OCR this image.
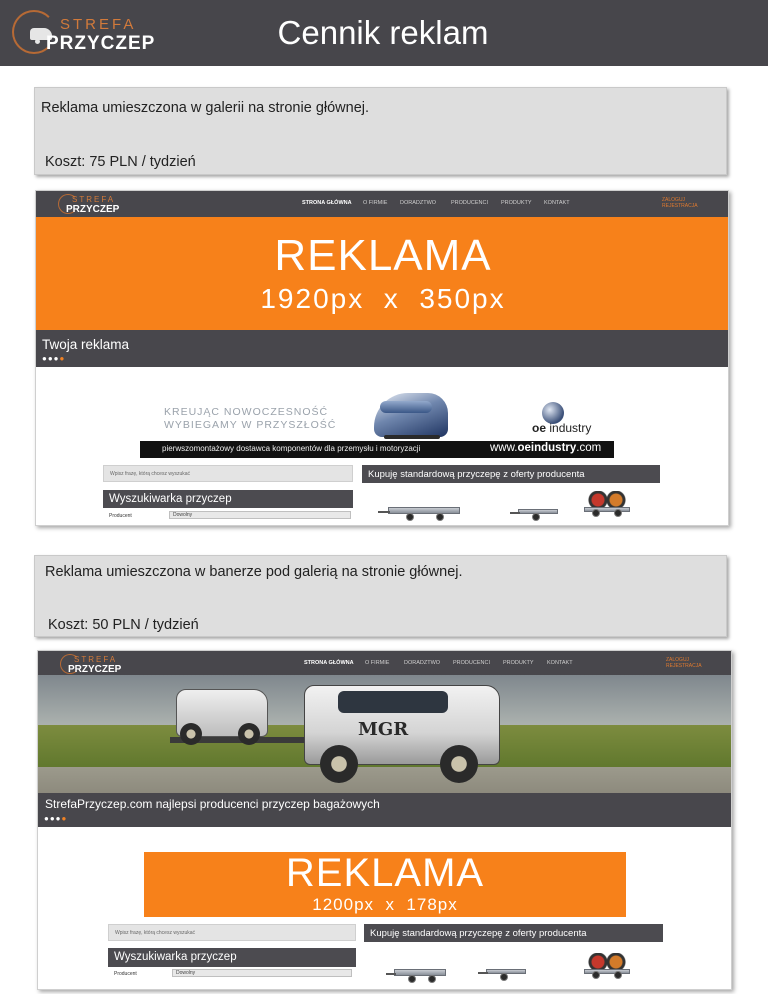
STREFA
PRZYCZEP	Cennik reklam
Reklama umieszczona w galerii na stronie głównej.
Koszt: 75 PLN / tydzień
STREFA
PRZYCZEP
STRONA GŁÓWNA O FIRMIE DORADZTWO	PRODUCENCI PRODUKTY KONTAKT	ZALOGUJ
REJESTRACJA
REKLAMA
1920px  x  350px
Twoja reklama
●●●●
KREUJĄC NOWOCZESNOŚĆ
WYBIEGAMY W PRZYSZŁOŚĆ	oe industry
pierwszomontażowy dostawca komponentów dla przemysłu i motoryzacji	www.oeindustry.com
Wpisz frazę, którą chcesz wyszukać	Kupuję standardową przyczepę z oferty producenta
Wyszukiwarka przyczep
Producent	Dowolny
Reklama umieszczona w banerze pod galerią na stronie głównej.
Koszt: 50 PLN / tydzień
STREFA
PRZYCZEP
STRONA GŁÓWNA O FIRMIE	DORADZTWO PRODUCENCI PRODUKTY KONTAKT	ZALOGUJ
REJESTRACJA
MGR
StrefaPrzyczep.com najlepsi producenci przyczep bagażowych
●●●●
REKLAMA
1200px  x  178px
Wpisz frazę, którą chcesz wyszukać	Kupuję standardową przyczepę z oferty producenta
Wyszukiwarka przyczep
Producent	Dowolny
